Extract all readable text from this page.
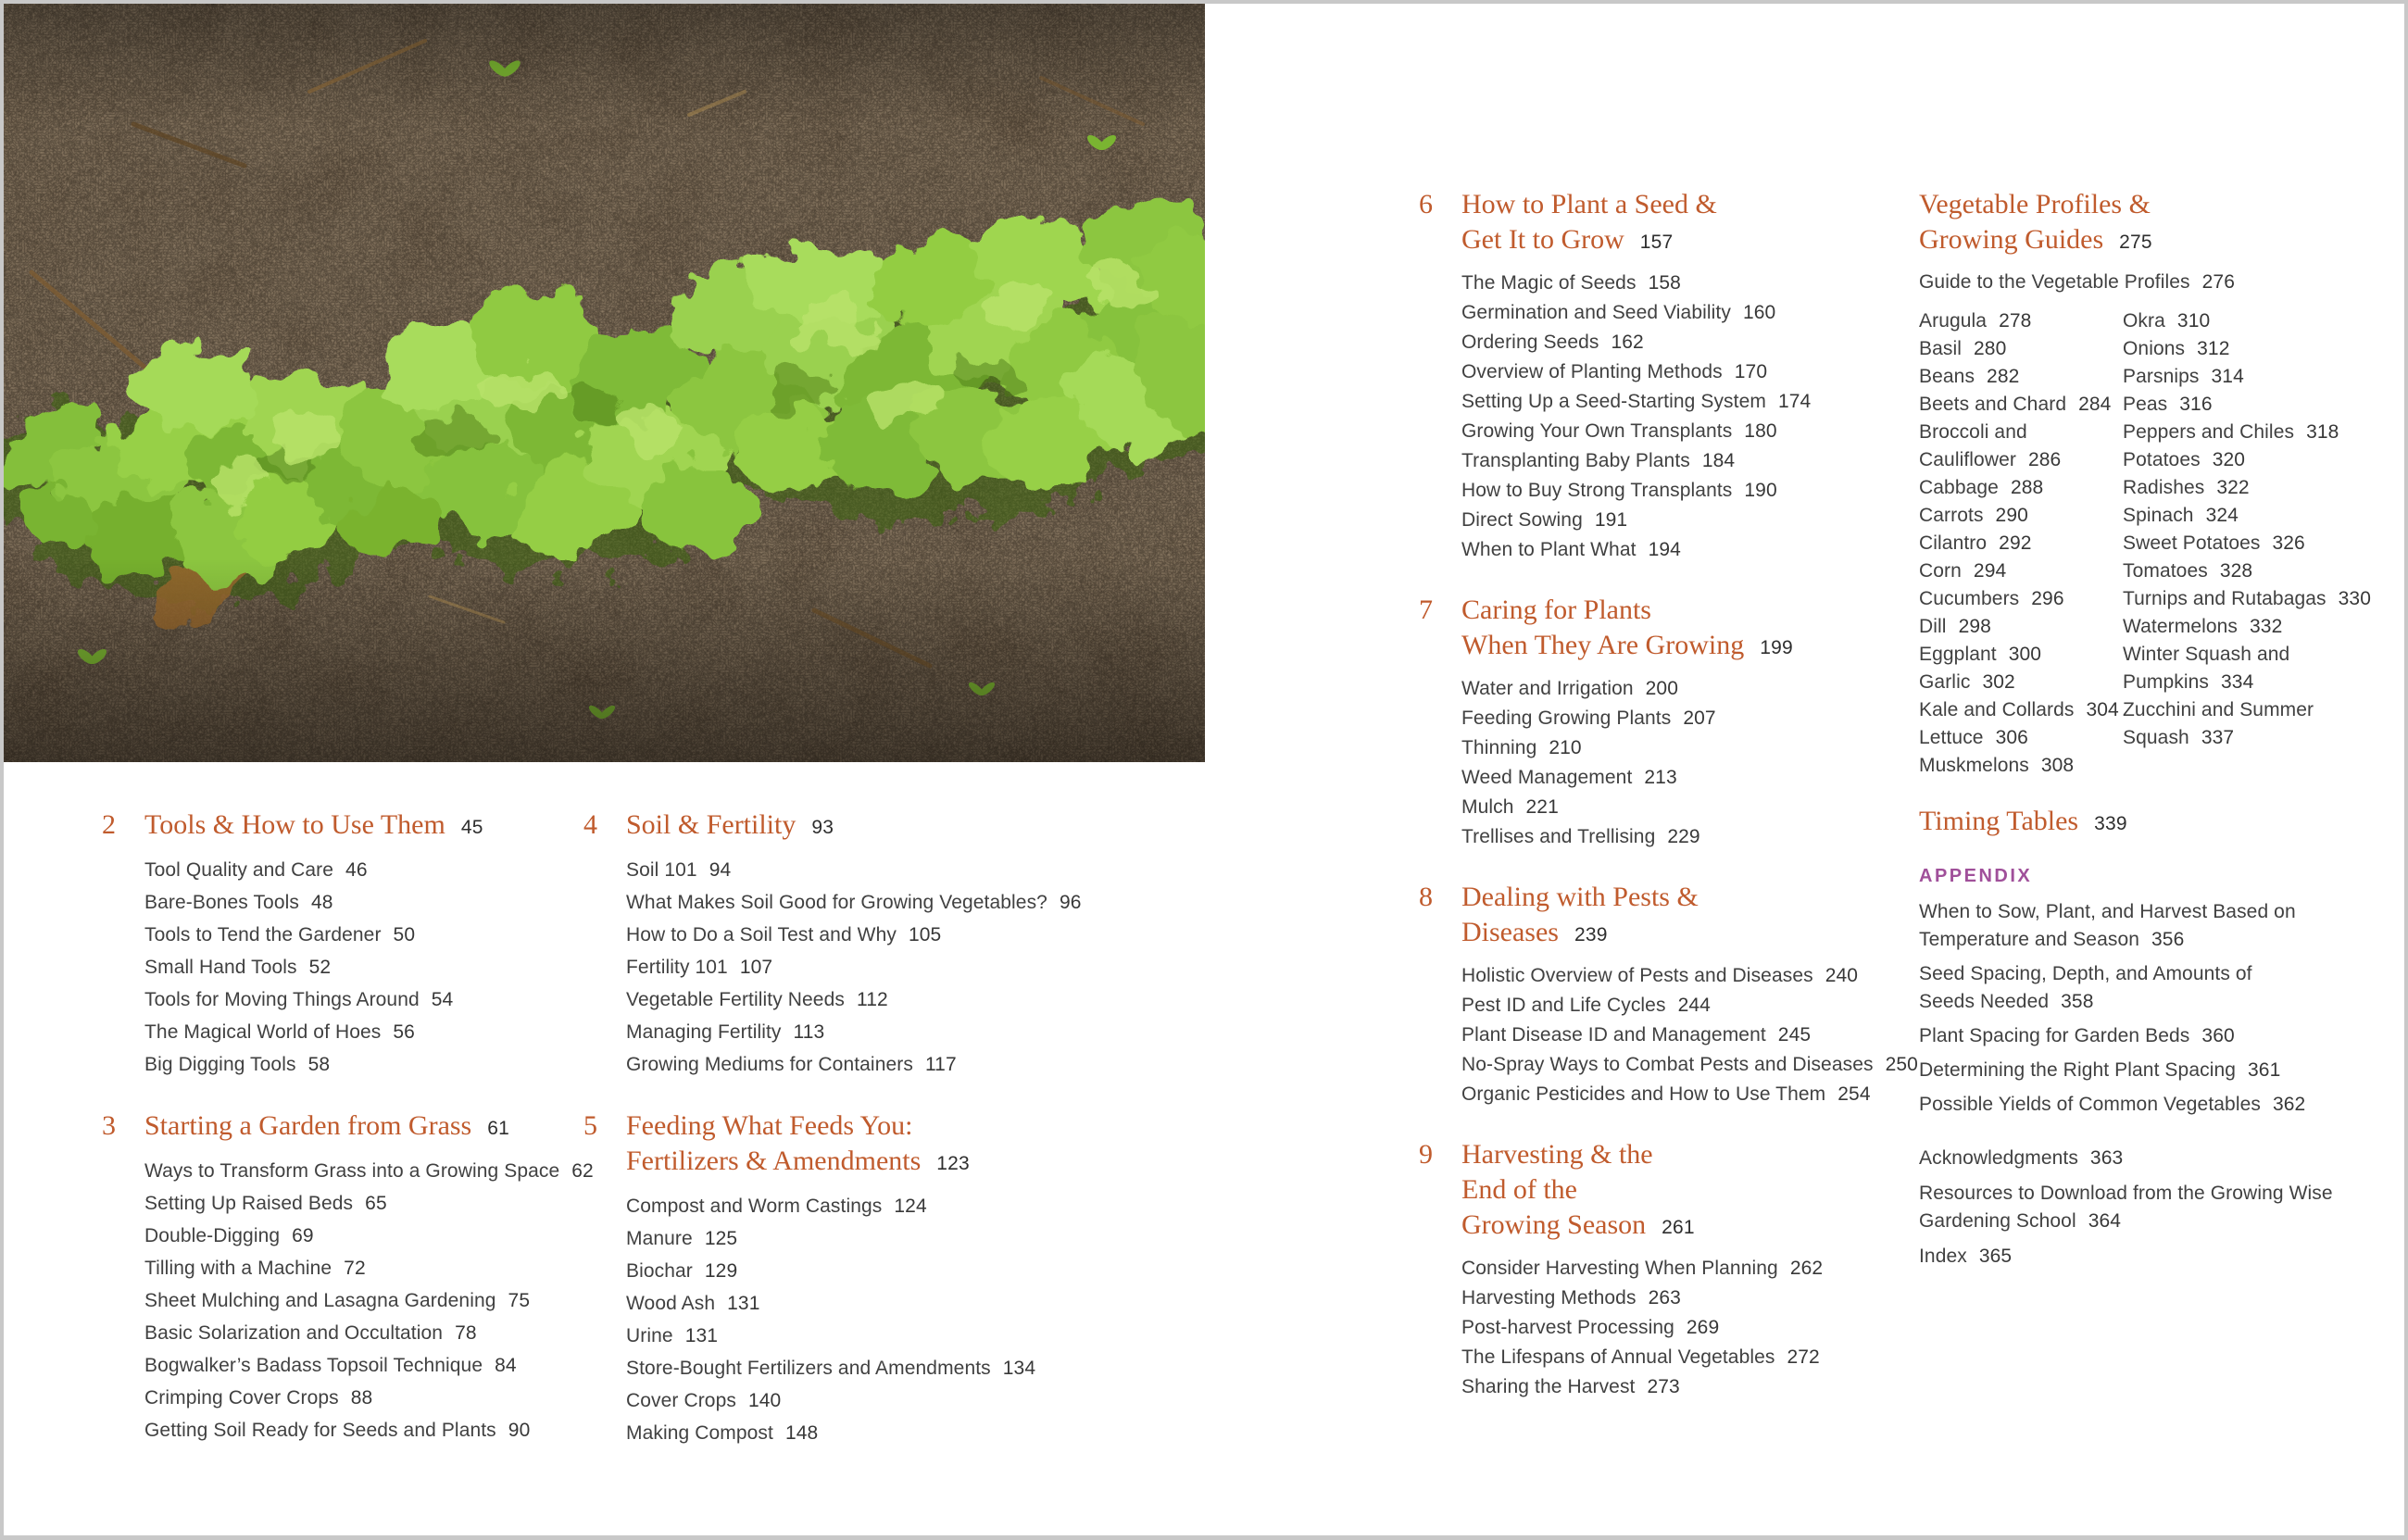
2	Tools & How to Use Them 45
Tool Quality and Care 46
Bare-Bones Tools 48
Tools to Tend the Gardener 50
Small Hand Tools 52
Tools for Moving Things Around 54
The Magical World of Hoes 56
Big Digging Tools 58
3	Starting a Garden from Grass 61
Ways to Transform Grass into a Growing Space 62
Setting Up Raised Beds 65
Double-Digging 69
Tilling with a Machine 72
Sheet Mulching and Lasagna Gardening 75
Basic Solarization and Occultation 78
Bogwalker’s Badass Topsoil Technique 84
Crimping Cover Crops 88
Getting Soil Ready for Seeds and Plants 90
4	Soil & Fertility 93
Soil 101 94
What Makes Soil Good for Growing Vegetables? 96
How to Do a Soil Test and Why 105
Fertility 101 107
Vegetable Fertility Needs 112
Managing Fertility 113
Growing Mediums for Containers 117
5	Feeding What Feeds You:
Fertilizers & Amendments 123
Compost and Worm Castings 124
Manure 125
Biochar 129
Wood Ash 131
Urine 131
Store-Bought Fertilizers and Amendments 134
Cover Crops 140
Making Compost 148
6	How to Plant a Seed &
Get It to Grow 157
The Magic of Seeds 158
Germination and Seed Viability 160
Ordering Seeds 162
Overview of Planting Methods 170
Setting Up a Seed-Starting System 174
Growing Your Own Transplants 180
Transplanting Baby Plants 184
How to Buy Strong Transplants 190
Direct Sowing 191
When to Plant What 194
7	Caring for Plants
When They Are Growing 199
Water and Irrigation 200
Feeding Growing Plants 207
Thinning 210
Weed Management 213
Mulch 221
Trellises and Trellising 229
8	Dealing with Pests &
Diseases 239
Holistic Overview of Pests and Diseases 240
Pest ID and Life Cycles 244
Plant Disease ID and Management 245
No-Spray Ways to Combat Pests and Diseases 250
Organic Pesticides and How to Use Them 254
9	Harvesting & the
End of the
Growing Season 261
Consider Harvesting When Planning 262
Harvesting Methods 263
Post-harvest Processing 269
The Lifespans of Annual Vegetables 272
Sharing the Harvest 273
Vegetable Profiles &
Growing Guides 275
Guide to the Vegetable Profiles 276
Arugula 278
Basil 280
Beans 282
Beets and Chard 284
Broccoli and
Cauliflower 286
Cabbage 288
Carrots 290
Cilantro 292
Corn 294
Cucumbers 296
Dill 298
Eggplant 300
Garlic 302
Kale and Collards 304
Lettuce 306
Muskmelons 308
Okra 310
Onions 312
Parsnips 314
Peas 316
Peppers and Chiles 318
Potatoes 320
Radishes 322
Spinach 324
Sweet Potatoes 326
Tomatoes 328
Turnips and Rutabagas 330
Watermelons 332
Winter Squash and
Pumpkins 334
Zucchini and Summer
Squash 337
Timing Tables 339
APPENDIX
When to Sow, Plant, and Harvest Based on
Temperature and Season 356
Seed Spacing, Depth, and Amounts of
Seeds Needed 358
Plant Spacing for Garden Beds 360
Determining the Right Plant Spacing 361
Possible Yields of Common Vegetables 362
Acknowledgments 363
Resources to Download from the Growing Wise
Gardening School 364
Index 365
